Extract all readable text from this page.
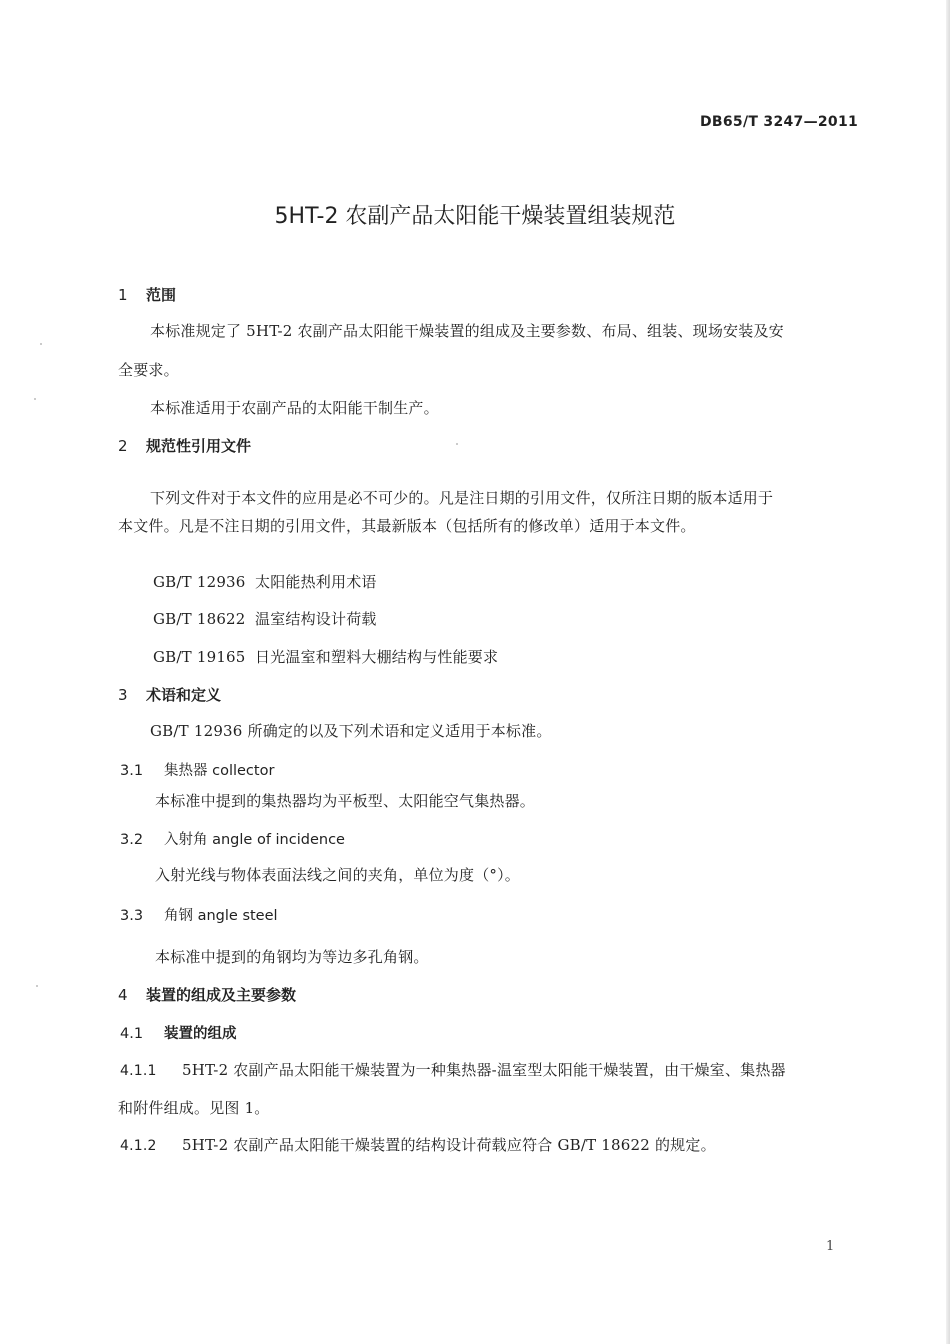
DB65/T 3247—2011
5HT-2 农副产品太阳能干燥装置组装规范
1 范围
本标准规定了 5HT-2 农副产品太阳能干燥装置的组成及主要参数、布局、组装、现场安装及安
全要求。
本标准适用于农副产品的太阳能干制生产。
2 规范性引用文件
下列文件对于本文件的应用是必不可少的。凡是注日期的引用文件，仅所注日期的版本适用于
本文件。凡是不注日期的引用文件，其最新版本（包括所有的修改单）适用于本文件。
GB/T 12936 太阳能热利用术语
GB/T 18622 温室结构设计荷载
GB/T 19165 日光温室和塑料大棚结构与性能要求
3 术语和定义
GB/T 12936 所确定的以及下列术语和定义适用于本标准。
3.1 集热器 collector
本标准中提到的集热器均为平板型、太阳能空气集热器。
3.2 入射角 angle of incidence
入射光线与物体表面法线之间的夹角，单位为度（°）。
3.3 角钢 angle steel
本标准中提到的角钢均为等边多孔角钢。
4 装置的组成及主要参数
4.1 装置的组成
4.1.1 5HT-2 农副产品太阳能干燥装置为一种集热器-温室型太阳能干燥装置，由干燥室、集热器
和附件组成。见图 1。
4.1.2 5HT-2 农副产品太阳能干燥装置的结构设计荷载应符合 GB/T 18622 的规定。
1
